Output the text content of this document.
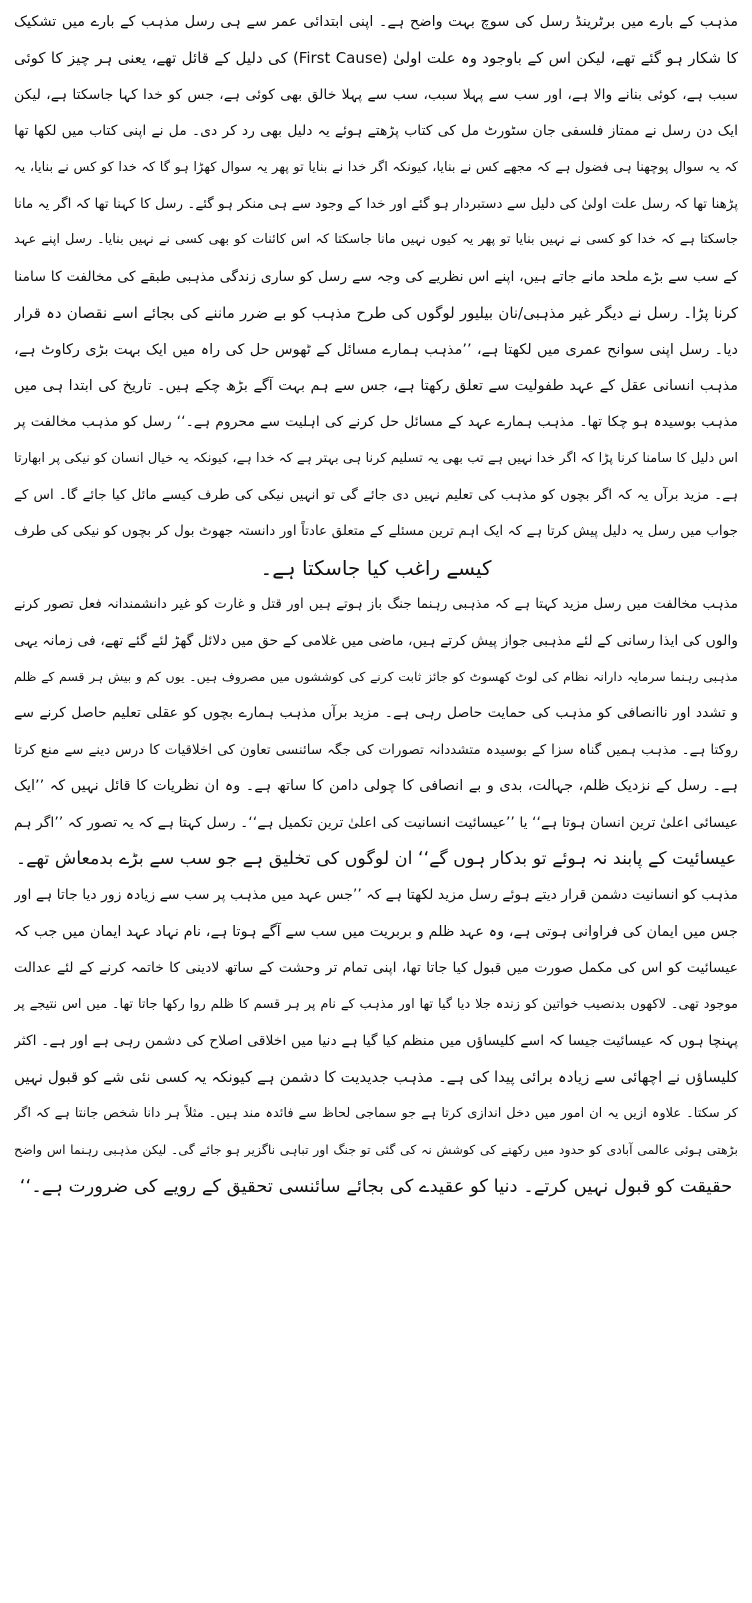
مذہب کے بارے میں برٹرینڈ رسل کی سوچ بہت واضح ہے۔ اپنی ابتدائی عمر سے ہی رسل مذہب کے بارے میں تشکیک
کا شکار ہو گئے تھے، لیکن اس کے باوجود وہ علت اولیٰ (First Cause) کی دلیل کے قائل تھے، یعنی ہر چیز کا کوئی
سبب ہے، کوئی بنانے والا ہے، اور سب سے پہلا سبب، سب سے پہلا خالق بھی کوئی ہے، جس کو خدا کہا جاسکتا ہے، لیکن
ایک دن رسل نے ممتاز فلسفی جان سٹورٹ مل کی کتاب پڑھتے ہوئے یہ دلیل بھی رد کر دی۔ مل نے اپنی کتاب میں لکھا تھا
کہ یہ سوال پوچھنا ہی فضول ہے کہ مجھے کس نے بنایا، کیونکہ اگر خدا نے بنایا تو پھر یہ سوال کھڑا ہو گا کہ خدا کو کس نے بنایا، یہ
پڑھنا تھا کہ رسل علت اولیٰ کی دلیل سے دستبردار ہو گئے اور خدا کے وجود سے ہی منکر ہو گئے۔ رسل کا کہنا تھا کہ اگر یہ مانا
جاسکتا ہے کہ خدا کو کسی نے نہیں بنایا تو پھر یہ کیوں نہیں مانا جاسکتا کہ اس کائنات کو بھی کسی نے نہیں بنایا۔ رسل اپنے عہد
کے سب سے بڑے ملحد مانے جاتے ہیں، اپنے اس نظریے کی وجہ سے رسل کو ساری زندگی مذہبی طبقے کی مخالفت کا سامنا
کرنا پڑا۔ رسل نے دیگر غیر مذہبی/نان بیلیور لوگوں کی طرح مذہب کو بے ضرر ماننے کی بجائے اسے نقصان دہ قرار
دیا۔ رسل اپنی سوانح عمری میں لکھتا ہے، ’’مذہب ہمارے مسائل کے ٹھوس حل کی راہ میں ایک بہت بڑی رکاوٹ ہے،
مذہب انسانی عقل کے عہد طفولیت سے تعلق رکھتا ہے، جس سے ہم بہت آگے بڑھ چکے ہیں۔ تاریخ کی ابتدا ہی میں
مذہب بوسیدہ ہو چکا تھا۔ مذہب ہمارے عہد کے مسائل حل کرنے کی اہلیت سے محروم ہے۔‘‘ رسل کو مذہب مخالفت پر
اس دلیل کا سامنا کرنا پڑا کہ اگر خدا نہیں ہے تب بھی یہ تسلیم کرنا ہی بہتر ہے کہ خدا ہے، کیونکہ یہ خیال انسان کو نیکی پر ابھارتا
ہے۔ مزید برآں یہ کہ اگر بچوں کو مذہب کی تعلیم نہیں دی جائے گی تو انہیں نیکی کی طرف کیسے مائل کیا جائے گا۔ اس کے
جواب میں رسل یہ دلیل پیش کرتا ہے کہ ایک اہم ترین مسئلے کے متعلق عادتاً اور دانستہ جھوٹ بول کر بچوں کو نیکی کی طرف
کیسے راغب کیا جاسکتا ہے۔

مذہب مخالفت میں رسل مزید کہتا ہے کہ مذہبی رہنما جنگ باز ہوتے ہیں اور قتل و غارت کو غیر دانشمندانہ فعل تصور کرنے
والوں کی ایذا رسانی کے لئے مذہبی جواز پیش کرتے ہیں، ماضی میں غلامی کے حق میں دلائل گھڑ لئے گئے تھے، فی زمانہ یہی
مذہبی رہنما سرمایہ دارانہ نظام کی لوٹ کھسوٹ کو جائز ثابت کرنے کی کوششوں میں مصروف ہیں۔ یوں کم و بیش ہر قسم کے ظلم
و تشدد اور ناانصافی کو مذہب کی حمایت حاصل رہی ہے۔ مزید برآں مذہب ہمارے بچوں کو عقلی تعلیم حاصل کرنے سے
روکتا ہے۔ مذہب ہمیں گناہ سزا کے بوسیدہ متشددانہ تصورات کی جگہ سائنسی تعاون کی اخلاقیات کا درس دینے سے منع کرتا
ہے۔ رسل کے نزدیک ظلم، جہالت، بدی و بے انصافی کا چولی دامن کا ساتھ ہے۔ وہ ان نظریات کا قائل نہیں کہ ’’ایک
عیسائی اعلیٰ ترین انسان ہوتا ہے‘‘ یا ’’عیسائیت انسانیت کی اعلیٰ ترین تکمیل ہے‘‘۔ رسل کہتا ہے کہ یہ تصور کہ ’’اگر ہم
عیسائیت کے پابند نہ ہوئے تو بدکار ہوں گے‘‘ ان لوگوں کی تخلیق ہے جو سب سے بڑے بدمعاش تھے۔

مذہب کو انسانیت دشمن قرار دیتے ہوئے رسل مزید لکھتا ہے کہ ’’جس عہد میں مذہب پر سب سے زیادہ زور دیا جاتا ہے اور
جس میں ایمان کی فراوانی ہوتی ہے، وہ عہد ظلم و بربریت میں سب سے آگے ہوتا ہے، نام نہاد عہد ایمان میں جب کہ
عیسائیت کو اس کی مکمل صورت میں قبول کیا جاتا تھا، اپنی تمام تر وحشت کے ساتھ لادینی کا خاتمہ کرنے کے لئے عدالت
موجود تھی۔ لاکھوں بدنصیب خواتین کو زندہ جلا دیا گیا تھا اور مذہب کے نام پر ہر قسم کا ظلم روا رکھا جاتا تھا۔ میں اس نتیجے پر
پہنچا ہوں کہ عیسائیت جیسا کہ اسے کلیساؤں میں منظم کیا گیا ہے دنیا میں اخلاقی اصلاح کی دشمن رہی ہے اور ہے۔ اکثر
کلیساؤں نے اچھائی سے زیادہ برائی پیدا کی ہے۔ مذہب جدیدیت کا دشمن ہے کیونکہ یہ کسی نئی شے کو قبول نہیں
کر سکتا۔ علاوہ ازیں یہ ان امور میں دخل اندازی کرتا ہے جو سماجی لحاظ سے فائدہ مند ہیں۔ مثلاً ہر دانا شخص جانتا ہے کہ اگر
بڑھتی ہوئی عالمی آبادی کو حدود میں رکھنے کی کوشش نہ کی گئی تو جنگ اور تباہی ناگزیر ہو جائے گی۔ لیکن مذہبی رہنما اس واضح
حقیقت کو قبول نہیں کرتے۔ دنیا کو عقیدے کی بجائے سائنسی تحقیق کے رویے کی ضرورت ہے۔‘‘
